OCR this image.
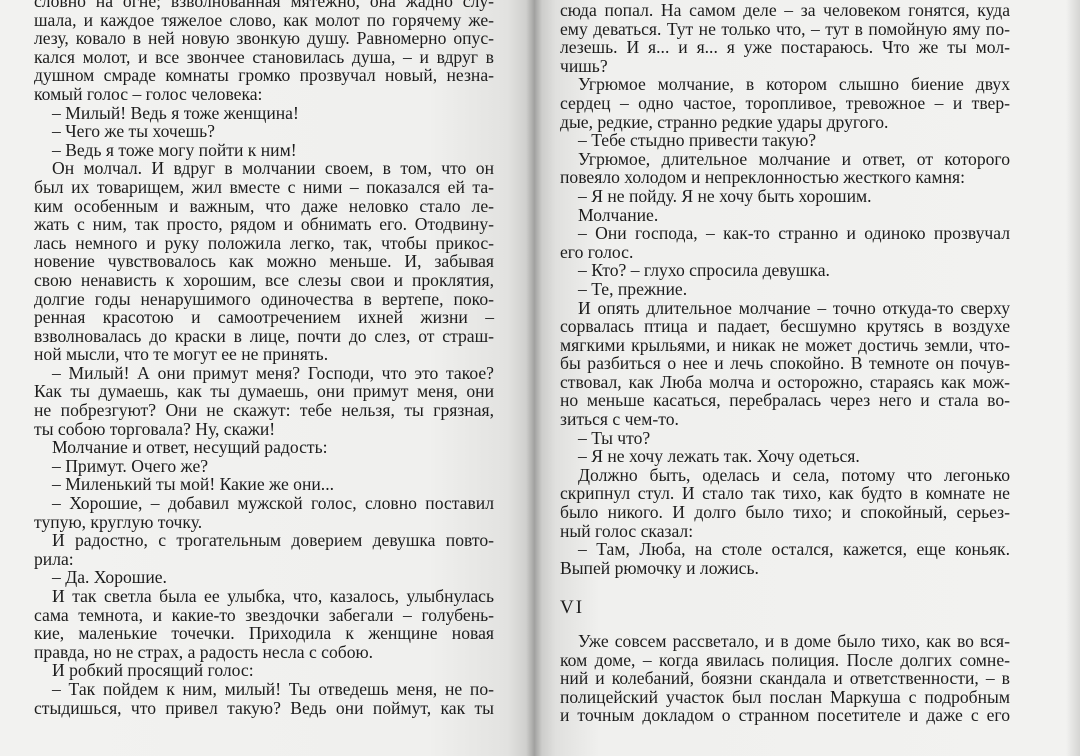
словно на огне; взволнованная мятежно, она жадно слу-
шала, и каждое тяжелое слово, как молот по горячему же-
лезу, ковало в ней новую звонкую душу. Равномерно опус-
кался молот, и все звончее становилась душа, – и вдруг в
душном смраде комнаты громко прозвучал новый, незна-
комый голос – голос человека:
– Милый! Ведь я тоже женщина!
– Чего же ты хочешь?
– Ведь я тоже могу пойти к ним!
Он молчал. И вдруг в молчании своем, в том, что он
был их товарищем, жил вместе с ними – показался ей та-
ким особенным и важным, что даже неловко стало ле-
жать с ним, так просто, рядом и обнимать его. Отодвину-
лась немного и руку положила легко, так, чтобы прикос-
новение чувствовалось как можно меньше. И, забывая
свою ненависть к хорошим, все слезы свои и проклятия,
долгие годы ненарушимого одиночества в вертепе, поко-
ренная красотою и самоотречением ихней жизни –
взволновалась до краски в лице, почти до слез, от страш-
ной мысли, что те могут ее не принять.
– Милый! А они примут меня? Господи, что это такое?
Как ты думаешь, как ты думаешь, они примут меня, они
не побрезгуют? Они не скажут: тебе нельзя, ты грязная,
ты собою торговала? Ну, скажи!
Молчание и ответ, несущий радость:
– Примут. Очего же?
– Миленький ты мой! Какие же они...
– Хорошие, – добавил мужской голос, словно поставил
тупую, круглую точку.
И радостно, с трогательным доверием девушка повто-
рила:
– Да. Хорошие.
И так светла была ее улыбка, что, казалось, улыбнулась
сама темнота, и какие-то звездочки забегали – голубень-
кие, маленькие точечки. Приходила к женщине новая
правда, но не страх, а радость несла с собою.
И робкий просящий голос:
– Так пойдем к ним, милый! Ты отведешь меня, не по-
стыдишься, что привел такую? Ведь они поймут, как ты
сюда попал. На самом деле – за человеком гонятся, куда
ему деваться. Тут не только что, – тут в помойную яму по-
лезешь. И я... и я... я уже постараюсь. Что же ты мол-
чишь?
Угрюмое молчание, в котором слышно биение двух
сердец – одно частое, торопливое, тревожное – и твер-
дые, редкие, странно редкие удары другого.
– Тебе стыдно привести такую?
Угрюмое, длительное молчание и ответ, от которого
повеяло холодом и непреклонностью жесткого камня:
– Я не пойду. Я не хочу быть хорошим.
Молчание.
– Они господа, – как-то странно и одиноко прозвучал
его голос.
– Кто? – глухо спросила девушка.
– Те, прежние.
И опять длительное молчание – точно откуда-то сверху
сорвалась птица и падает, бесшумно крутясь в воздухе
мягкими крыльями, и никак не может достичь земли, что-
бы разбиться о нее и лечь спокойно. В темноте он почув-
ствовал, как Люба молча и осторожно, стараясь как мож-
но меньше касаться, перебралась через него и стала во-
зиться с чем-то.
– Ты что?
– Я не хочу лежать так. Хочу одеться.
Должно быть, оделась и села, потому что легонько
скрипнул стул. И стало так тихо, как будто в комнате не
было никого. И долго было тихо; и спокойный, серьез-
ный голос сказал:
– Там, Люба, на столе остался, кажется, еще коньяк.
Выпей рюмочку и ложись.
VI
Уже совсем рассветало, и в доме было тихо, как во вся-
ком доме, – когда явилась полиция. После долгих сомне-
ний и колебаний, боязни скандала и ответственности, – в
полицейский участок был послан Маркуша с подробным
и точным докладом о странном посетителе и даже с его
